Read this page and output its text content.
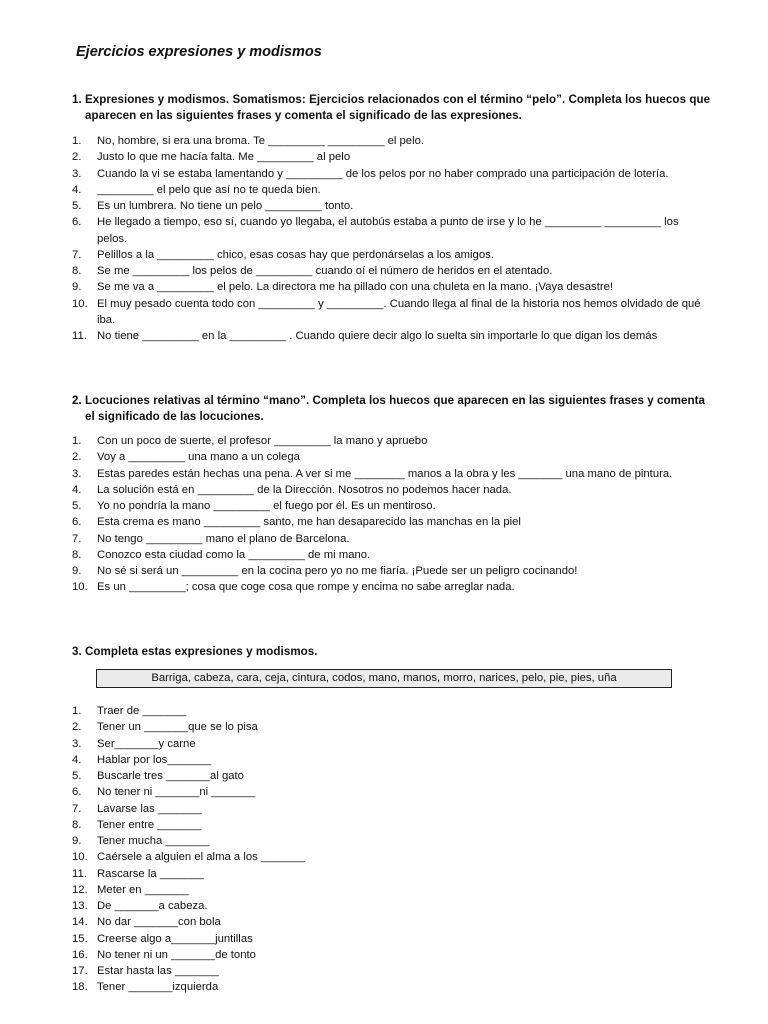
Ejercicios expresiones y modismos
1. Expresiones y modismos. Somatismos: Ejercicios relacionados con el término “pelo”. Completa los huecos que aparecen en las siguientes frases y comenta el significado de las expresiones.
1. No, hombre, si era una broma. Te _________ _________ el pelo.
2. Justo lo que me hacía falta. Me _________ al pelo
3. Cuando la vi se estaba lamentando y _________ de los pelos por no haber comprado una participación de lotería.
4. _________ el pelo que así no te queda bien.
5. Es un lumbrera. No tiene un pelo _________ tonto.
6. He llegado a tiempo, eso sí, cuando yo llegaba, el autobús estaba a punto de irse y lo he _________ _________ los pelos.
7. Pelillos a la _________ chico, esas cosas hay que perdonárselas a los amigos.
8. Se me _________ los pelos de _________ cuando oí el número de heridos en el atentado.
9. Se me va a _________ el pelo. La directora me ha pillado con una chuleta en la mano. ¡Vaya desastre!
10. El muy pesado cuenta todo con _________ y _________. Cuando llega al final de la historia nos hemos olvidado de qué iba.
11. No tiene _________ en la _________ . Cuando quiere decir algo lo suelta sin importarle lo que digan los demás
2. Locuciones relativas al término “mano”. Completa los huecos que aparecen en las siguientes frases y comenta el significado de las locuciones.
1. Con un poco de suerte, el profesor _________ la mano y apruebo
2. Voy a _________ una mano a un colega
3. Estas paredes están hechas una pena. A ver si me ________ manos a la obra y les _______ una mano de pintura.
4. La solución está en _________ de la Dirección. Nosotros no podemos hacer nada.
5. Yo no pondría la mano _________ el fuego por él. Es un mentiroso.
6. Esta crema es mano _________ santo, me han desaparecido las manchas en la piel
7. No tengo _________ mano el plano de Barcelona.
8. Conozco esta ciudad como la _________ de mi mano.
9. No sé si será un _________ en la cocina pero yo no me fiaría. ¡Puede ser un peligro cocinando!
10. Es un _________; cosa que coge cosa que rompe y encima no sabe arreglar nada.
3. Completa estas expresiones y modismos.
Barriga, cabeza, cara, ceja, cintura, codos, mano, manos, morro, narices, pelo, pie, pies, uña
1. Traer de _______
2. Tener un _______que se lo pisa
3. Ser_______y carne
4. Hablar por los_______
5. Buscarle tres _______al gato
6. No tener ni _______ni _______
7. Lavarse las _______
8. Tener entre _______
9. Tener mucha _______
10. Caérsele a alguien el alma a los _______
11. Rascarse la _______
12. Meter en _______
13. De _______a cabeza.
14. No dar _______con bola
15. Creerse algo a_______juntillas
16. No tener ni un _______de tonto
17. Estar hasta las _______
18. Tener _______izquierda
